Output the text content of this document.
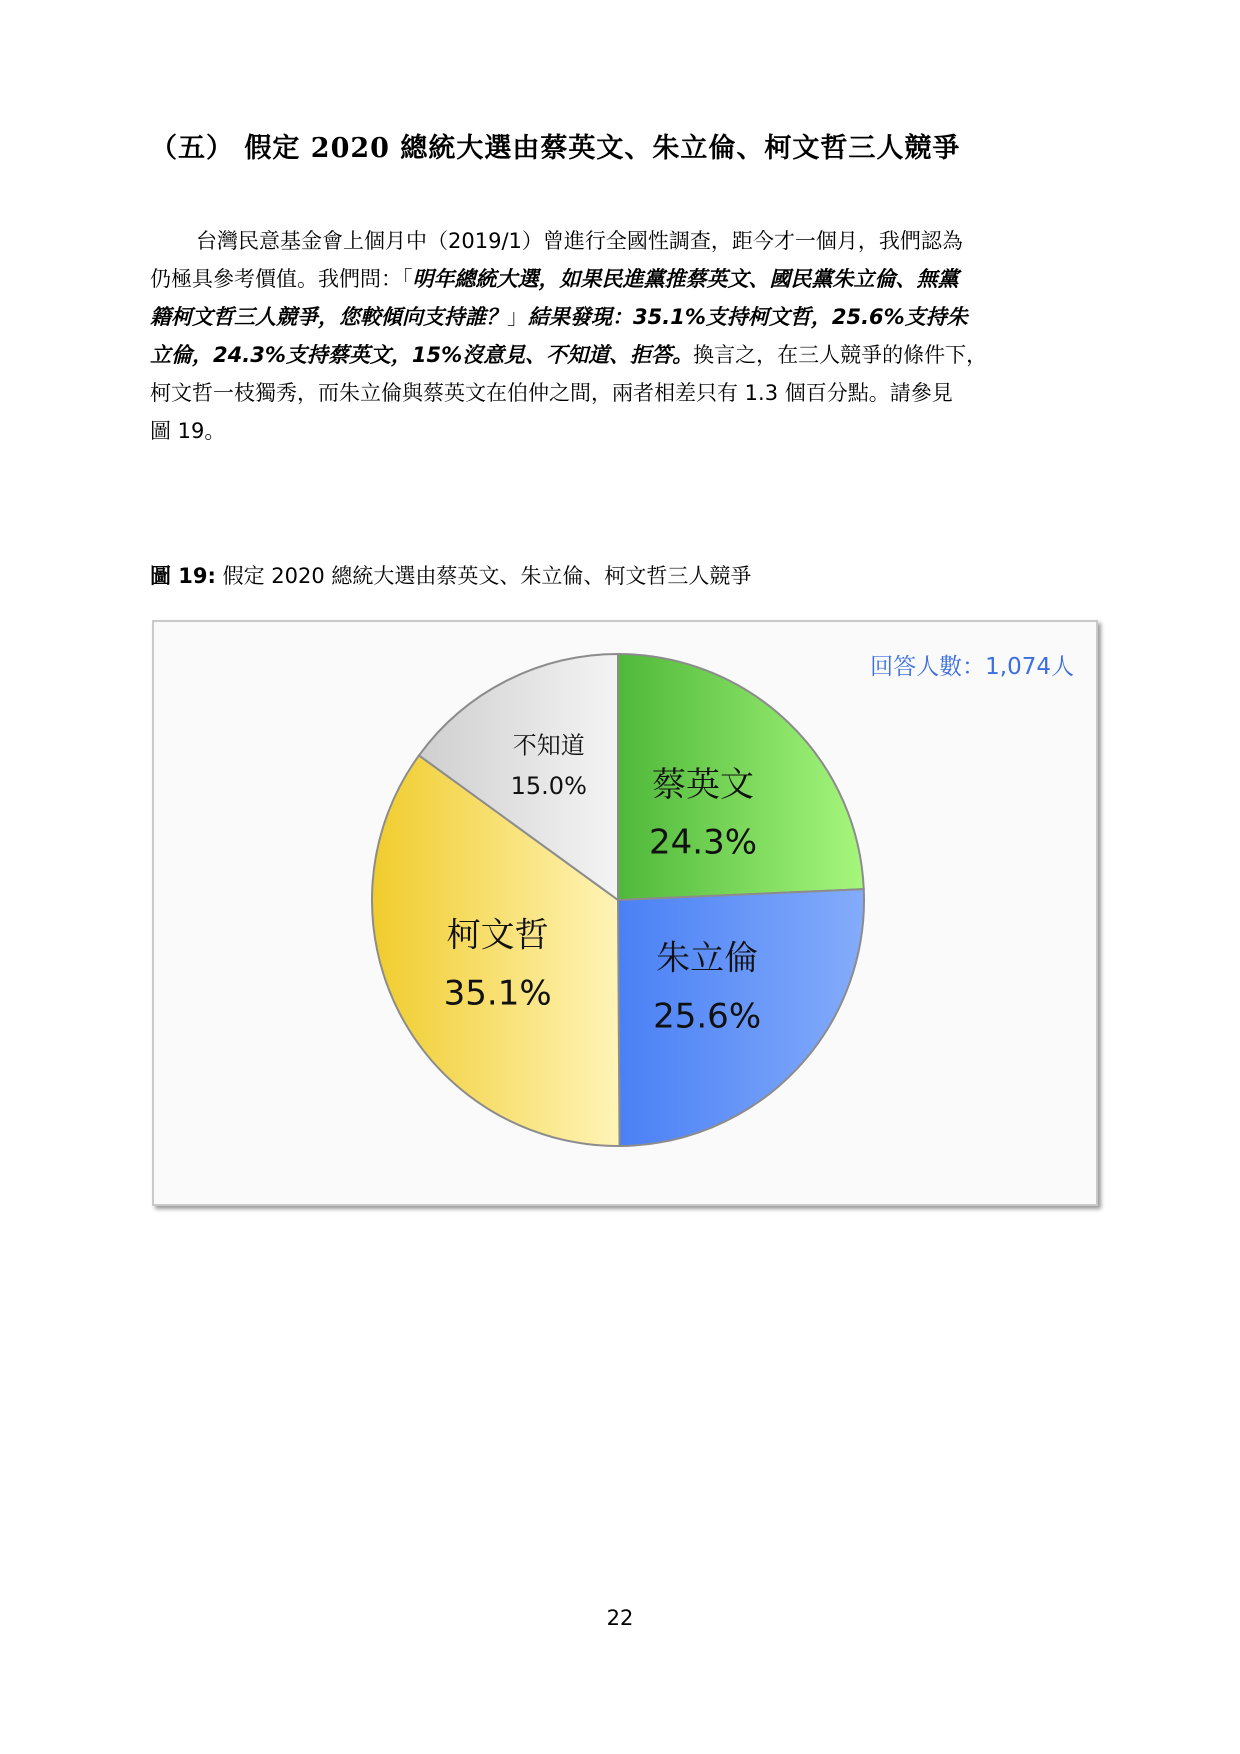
（五） 假定 2020 總統大選由蔡英文、朱立倫、柯文哲三人競爭
台灣民意基金會上個月中（2019/1）曾進行全國性調查，距今才一個月，我們認為
仍極具參考價值。我們問：「明年總統大選，如果民進黨推蔡英文、國民黨朱立倫、無黨
籍柯文哲三人競爭，您較傾向支持誰？」結果發現：35.1%支持柯文哲，25.6%支持朱
立倫，24.3%支持蔡英文，15%沒意見、不知道、拒答。換言之，在三人競爭的條件下，
柯文哲一枝獨秀，而朱立倫與蔡英文在伯仲之間，兩者相差只有 1.3 個百分點。請參見
圖 19。
圖 19: 假定 2020 總統大選由蔡英文、朱立倫、柯文哲三人競爭
回答人數：1,074人
蔡英文
24.3%
朱立倫
25.6%
柯文哲
35.1%
不知道
15.0%
22
